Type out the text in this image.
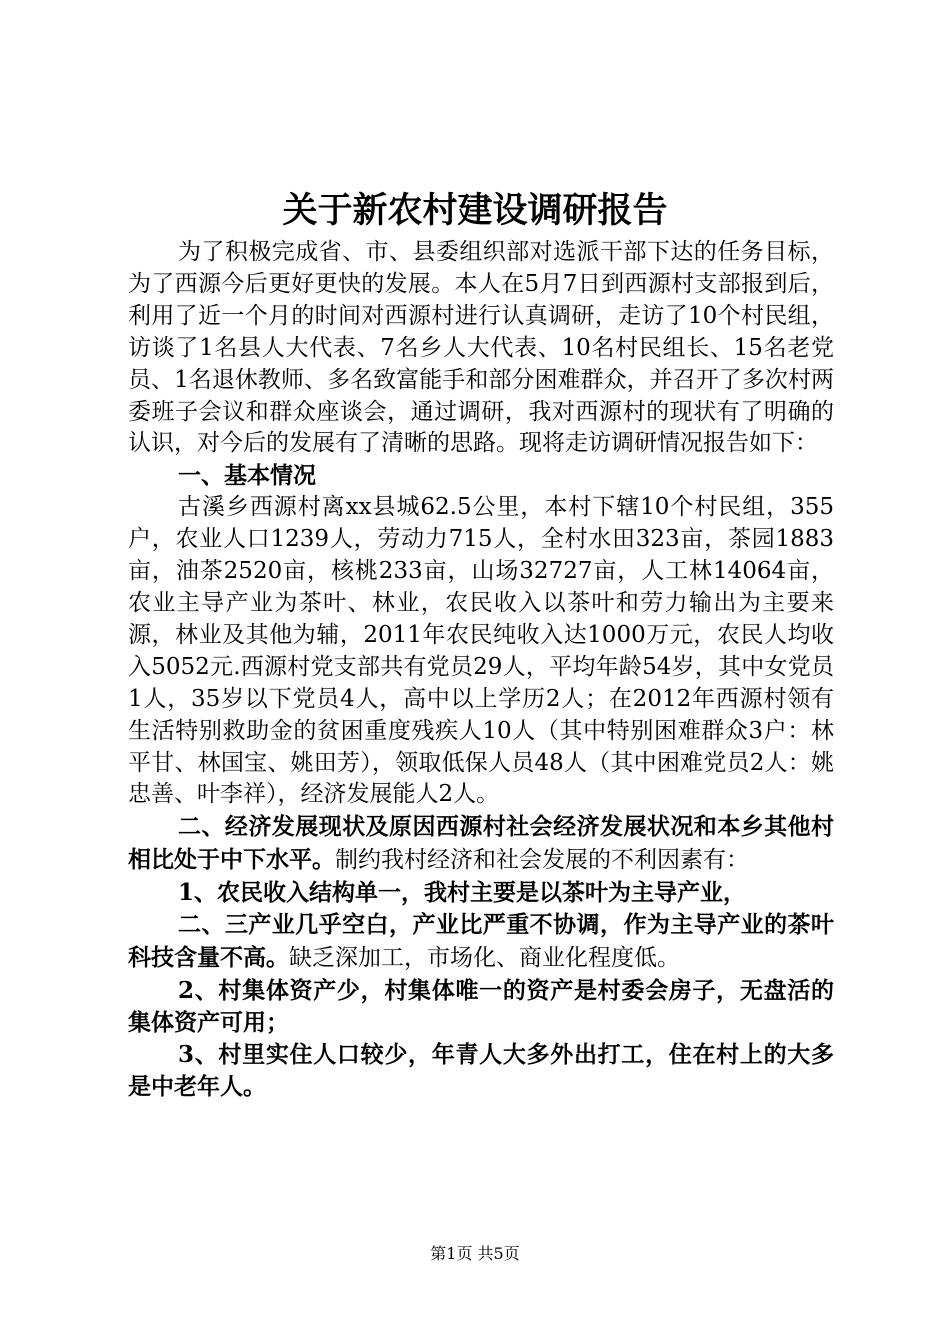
关于新农村建设调研报告

为了积极完成省、市、县委组织部对选派干部下达的任务目标，为了西源今后更好更快的发展。本人在5月7日到西源村支部报到后，利用了近一个月的时间对西源村进行认真调研，走访了10个村民组，访谈了1名县人大代表、7名乡人大代表、10名村民组长、15名老党员、1名退休教师、多名致富能手和部分困难群众，并召开了多次村两委班子会议和群众座谈会，通过调研，我对西源村的现状有了明确的认识，对今后的发展有了清晰的思路。现将走访调研情况报告如下：

一、基本情况

古溪乡西源村离xx县城62.5公里，本村下辖10个村民组，355户，农业人口1239人，劳动力715人，全村水田323亩，茶园1883亩，油茶2520亩，核桃233亩，山场32727亩，人工林14064亩，农业主导产业为茶叶、林业，农民收入以茶叶和劳力输出为主要来源，林业及其他为辅，2011年农民纯收入达1000万元，农民人均收入5052元.西源村党支部共有党员29人，平均年龄54岁，其中女党员1人，35岁以下党员4人，高中以上学历2人；在2012年西源村领有生活特别救助金的贫困重度残疾人10人（其中特别困难群众3户：林平甘、林国宝、姚田芳），领取低保人员48人（其中困难党员2人：姚忠善、叶李祥），经济发展能人2人。

二、经济发展现状及原因西源村社会经济发展状况和本乡其他村相比处于中下水平。制约我村经济和社会发展的不利因素有：

1、农民收入结构单一，我村主要是以茶叶为主导产业，

二、三产业几乎空白，产业比严重不协调，作为主导产业的茶叶科技含量不高。缺乏深加工，市场化、商业化程度低。

2、村集体资产少，村集体唯一的资产是村委会房子，无盘活的集体资产可用；

3、村里实住人口较少，年青人大多外出打工，住在村上的大多是中老年人。

第1页 共5页
